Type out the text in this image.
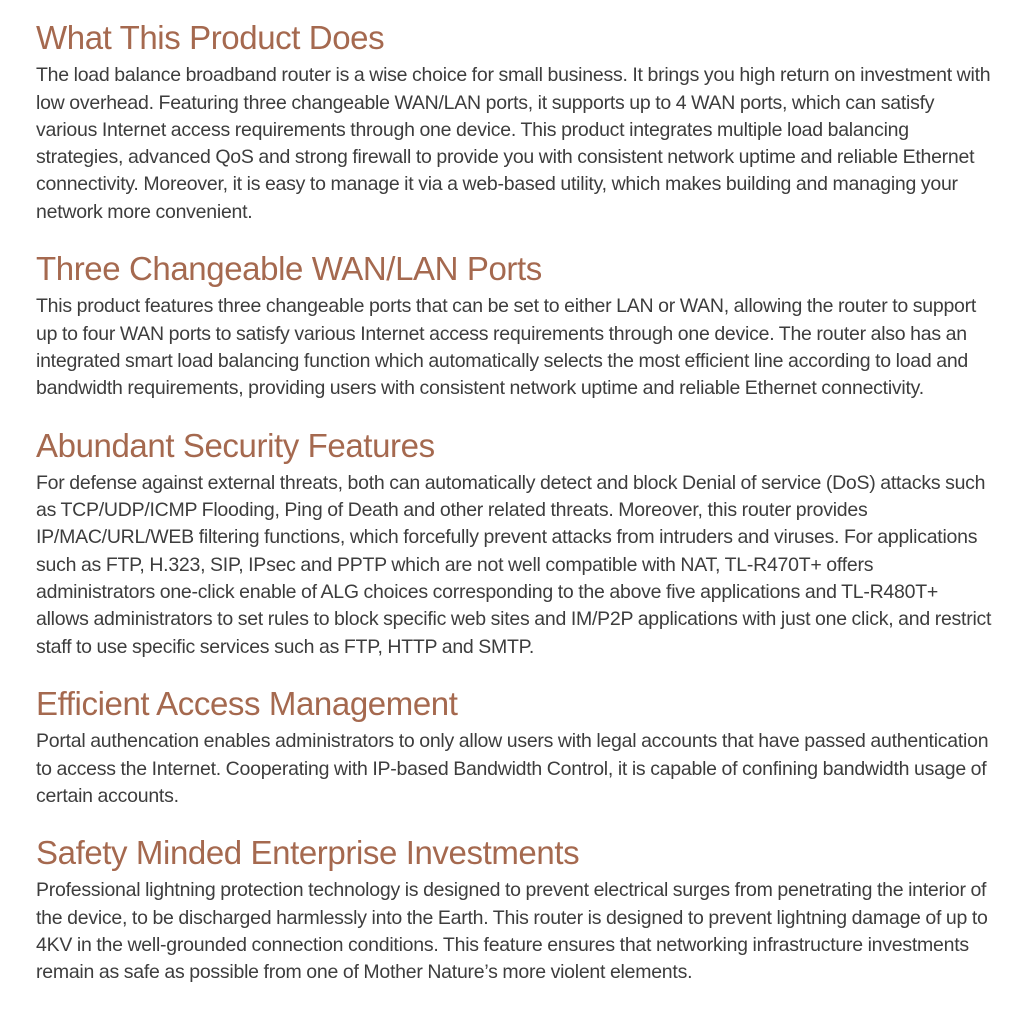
What This Product Does

The load balance broadband router is a wise choice for small business. It brings you high return on investment with low overhead. Featuring three changeable WAN/LAN ports, it supports up to 4 WAN ports, which can satisfy various Internet access requirements through one device. This product integrates multiple load balancing strategies, advanced QoS and strong firewall to provide you with consistent network uptime and reliable Ethernet connectivity. Moreover, it is easy to manage it via a web-based utility, which makes building and managing your network more convenient.

Three Changeable WAN/LAN Ports

This product features three changeable ports that can be set to either LAN or WAN, allowing the router to support up to four WAN ports to satisfy various Internet access requirements through one device. The router also has an integrated smart load balancing function which automatically selects the most efficient line according to load and bandwidth requirements, providing users with consistent network uptime and reliable Ethernet connectivity.

Abundant Security Features

For defense against external threats, both can automatically detect and block Denial of service (DoS) attacks such as TCP/UDP/ICMP Flooding, Ping of Death and other related threats. Moreover, this router provides IP/MAC/URL/WEB filtering functions, which forcefully prevent attacks from intruders and viruses. For applications such as FTP, H.323, SIP, IPsec and PPTP which are not well compatible with NAT, TL-R470T+ offers administrators one-click enable of ALG choices corresponding to the above five applications and TL-R480T+ allows administrators to set rules to block specific web sites and IM/P2P applications with just one click, and restrict staff to use specific services such as FTP, HTTP and SMTP.

Efficient Access Management

Portal authencation enables administrators to only allow users with legal accounts that have passed authentication to access the Internet. Cooperating with IP-based Bandwidth Control, it is capable of confining bandwidth usage of certain accounts.

Safety Minded Enterprise Investments

Professional lightning protection technology is designed to prevent electrical surges from penetrating the interior of the device, to be discharged harmlessly into the Earth. This router is designed to prevent lightning damage of up to 4KV in the well-grounded connection conditions. This feature ensures that networking infrastructure investments remain as safe as possible from one of Mother Nature’s more violent elements.
